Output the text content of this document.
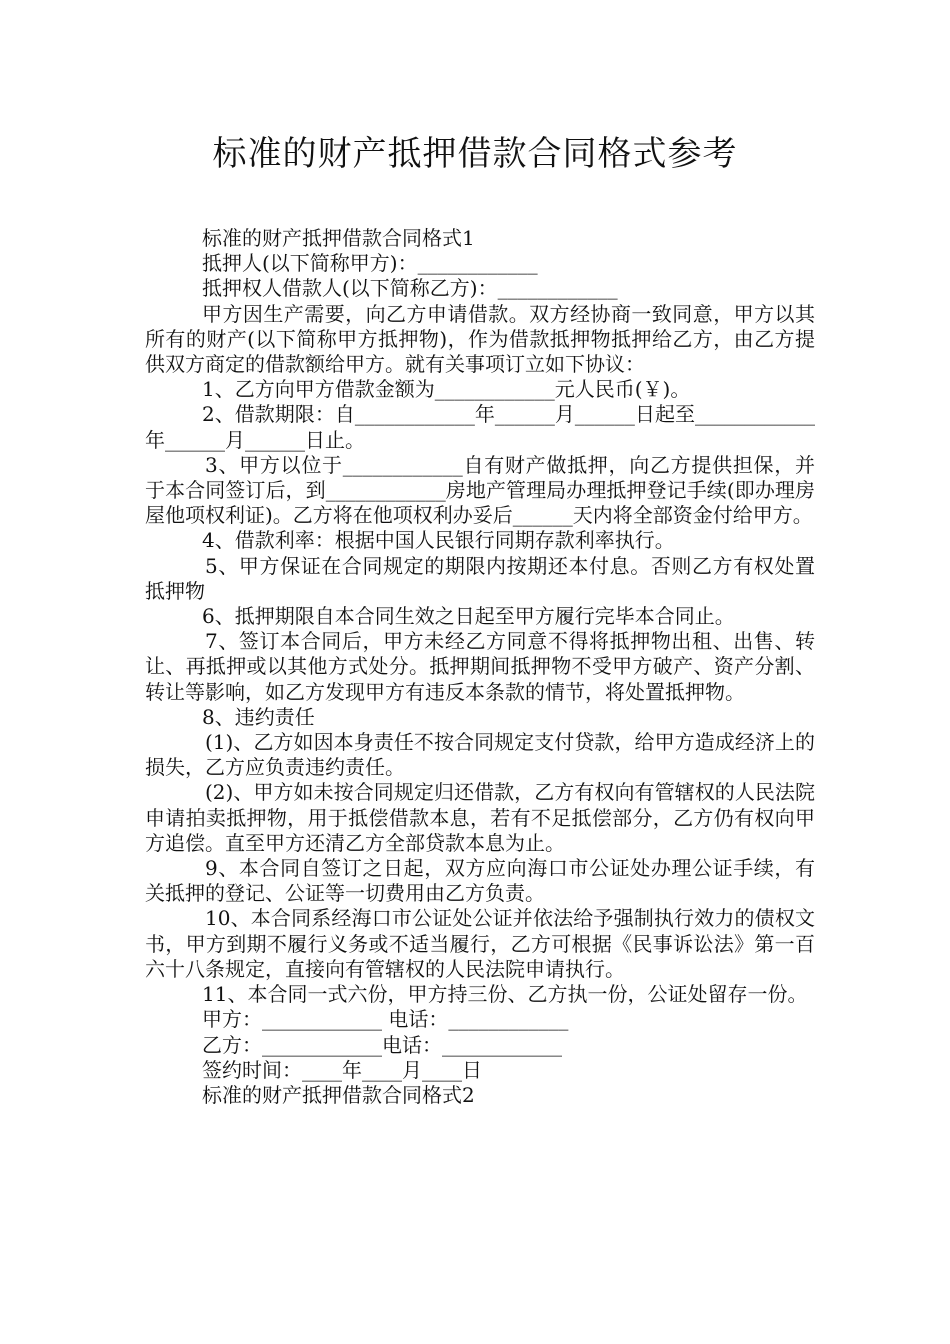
标准的财产抵押借款合同格式参考

标准的财产抵押借款合同格式1

抵押人(以下简称甲方)：____________

抵押权人借款人(以下简称乙方)：____________

甲方因生产需要，向乙方申请借款。双方经协商一致同意，甲方以其所有的财产(以下简称甲方抵押物)，作为借款抵押物抵押给乙方，由乙方提供双方商定的借款额给甲方。就有关事项订立如下协议：

1、乙方向甲方借款金额为____________元人民币(￥)。

2、借款期限：自____________年______月______日起至____________年______月______日止。

3、甲方以位于____________自有财产做抵押，向乙方提供担保，并于本合同签订后，到____________房地产管理局办理抵押登记手续(即办理房屋他项权利证)。乙方将在他项权利办妥后______天内将全部资金付给甲方。

4、借款利率：根据中国人民银行同期存款利率执行。

5、甲方保证在合同规定的期限内按期还本付息。否则乙方有权处置抵押物

6、抵押期限自本合同生效之日起至甲方履行完毕本合同止。

7、签订本合同后，甲方未经乙方同意不得将抵押物出租、出售、转让、再抵押或以其他方式处分。抵押期间抵押物不受甲方破产、资产分割、转让等影响，如乙方发现甲方有违反本条款的情节，将处置抵押物。

8、违约责任

(1)、乙方如因本身责任不按合同规定支付贷款，给甲方造成经济上的损失，乙方应负责违约责任。

(2)、甲方如未按合同规定归还借款，乙方有权向有管辖权的人民法院申请拍卖抵押物，用于抵偿借款本息，若有不足抵偿部分，乙方仍有权向甲方追偿。直至甲方还清乙方全部贷款本息为止。

9、本合同自签订之日起，双方应向海口市公证处办理公证手续，有关抵押的登记、公证等一切费用由乙方负责。

10、本合同系经海口市公证处公证并依法给予强制执行效力的债权文书，甲方到期不履行义务或不适当履行，乙方可根据《民事诉讼法》第一百六十八条规定，直接向有管辖权的人民法院申请执行。

11、本合同一式六份，甲方持三份、乙方执一份，公证处留存一份。

甲方：____________ 电话：____________

乙方：____________电话：____________

签约时间：____年____月____日

标准的财产抵押借款合同格式2
